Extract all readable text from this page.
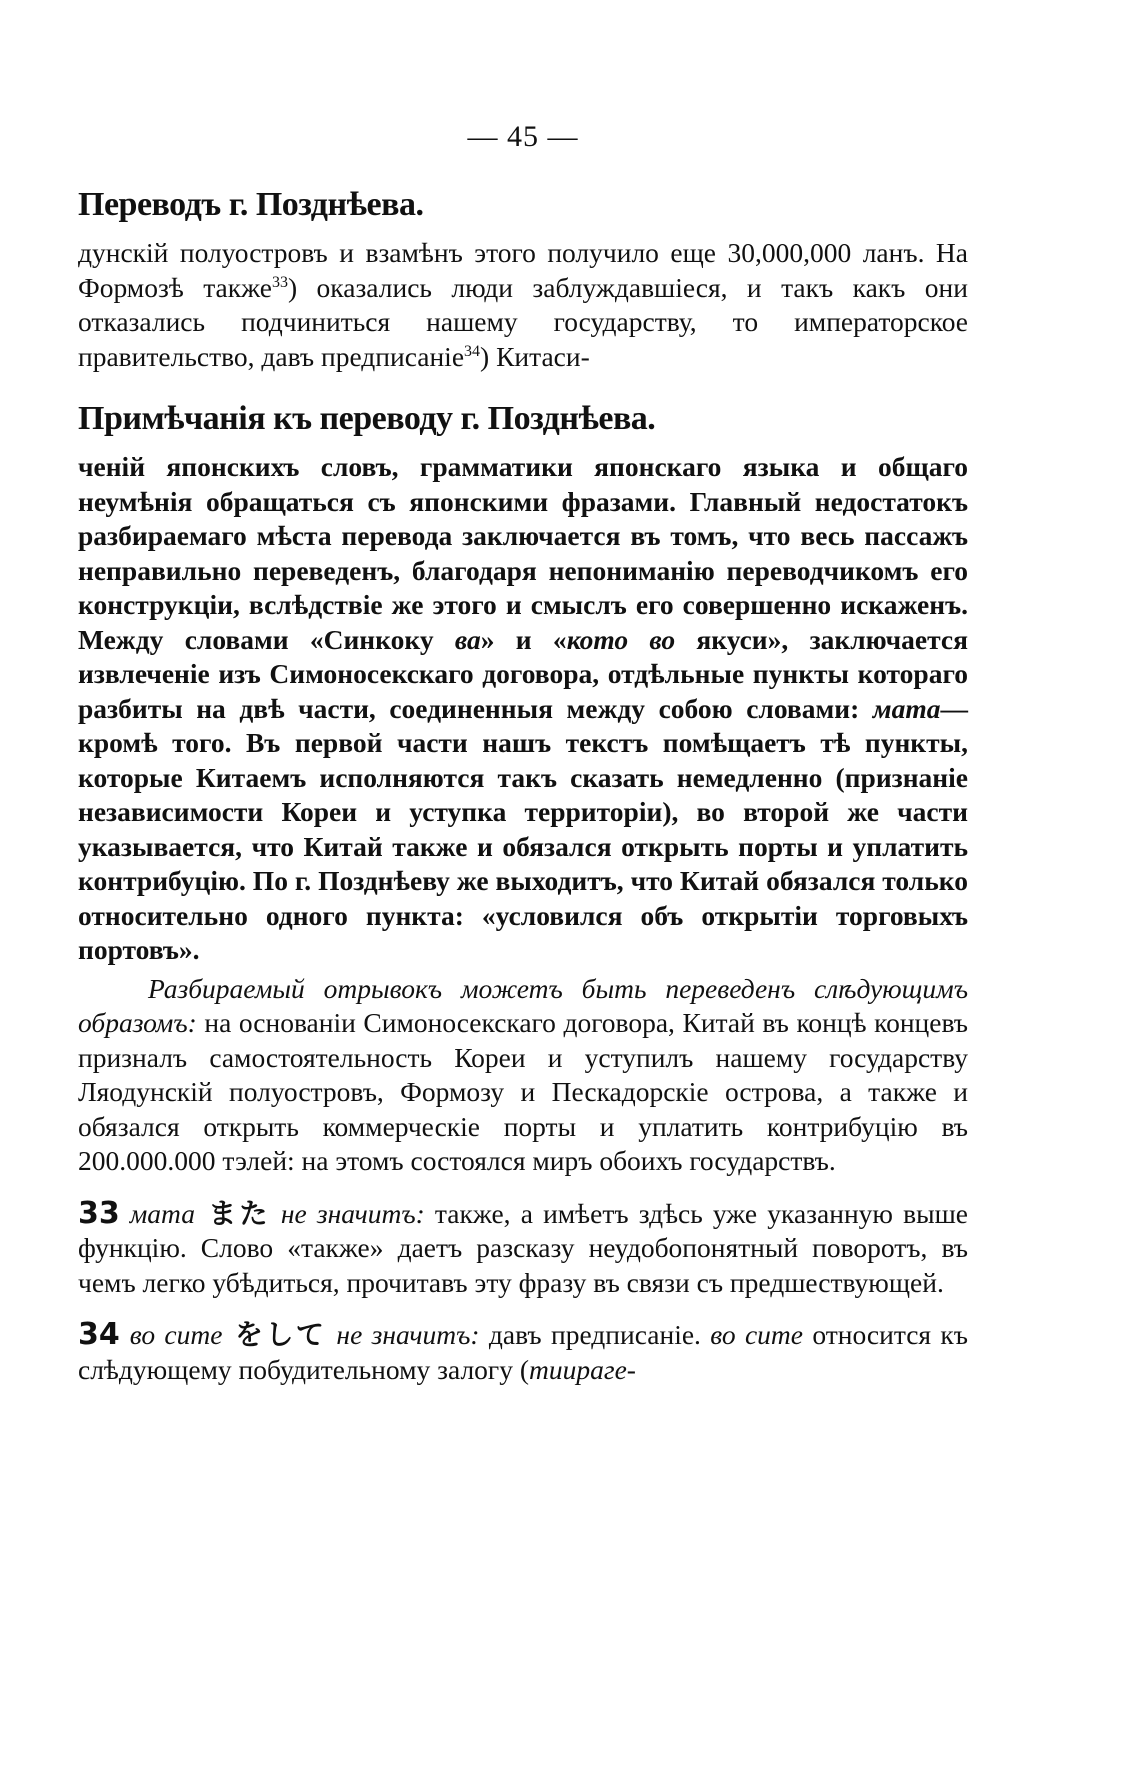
— 45 —
Переводъ г. Позднѣева.

дунскій полуостровъ и взамѣнъ этого получило еще 30,000,000 ланъ. На Формозѣ также$^{33}$) оказались люди заблуждавшіеся, и такъ какъ они отказались подчиниться нашему государству, то императорское правительство, давъ предписаніе$^{34}$) Китаси-

Примѣчанія къ переводу г. Позднѣева.

ченій японскихъ словъ, грамматики японскаго языка и общаго неумѣнія обращаться съ японскими фразами. Главный недостатокъ разбираемаго мѣста перевода заключается въ томъ, что весь пассажъ неправильно переведенъ, благодаря непониманію переводчикомъ его конструкціи, вслѣдствіе же этого и смыслъ его совершенно искаженъ. Между словами «Синкоку ва» и «кото во якуси», заключается извлеченіе изъ Симоносекскаго договора, отдѣльные пункты котораго разбиты на двѣ части, соединенныя между собою словами: мата—кромѣ того. Въ первой части нашъ текстъ помѣщаетъ тѣ пункты, которые Китаемъ исполняются такъ сказать немедленно (признаніе независимости Кореи и уступка территоріи), во второй же части указывается, что Китай также и обязался открыть порты и уплатить контрибуцію. По г. Позднѣеву же выходитъ, что Китай обязался только относительно одного пункта: «условился объ открытіи торговыхъ портовъ».

Разбираемый отрывокъ можетъ быть переведенъ слѣдующимъ образомъ: на основаніи Симоносекскаго договора, Китай въ концѣ концевъ призналъ самостоятельность Кореи и уступилъ нашему государству Ляодунскій полуостровъ, Формозу и Пескадорскіе острова, а также и обязался открыть коммерческіе порты и уплатить контрибуцію въ 200.000.000 тэлей: на этомъ состоялся миръ обоихъ государствъ.

33 мата また не значитъ: также, а имѣетъ здѣсь уже указанную выше функцію. Слово «также» даетъ разсказу неудобопонятный поворотъ, въ чемъ легко убѣдиться, прочитавъ эту фразу въ связи съ предшествующей.

34 во ситe をして не значитъ: давъ предписаніе. во ситe относится къ слѣдующему побудительному залогу (тиираге-
